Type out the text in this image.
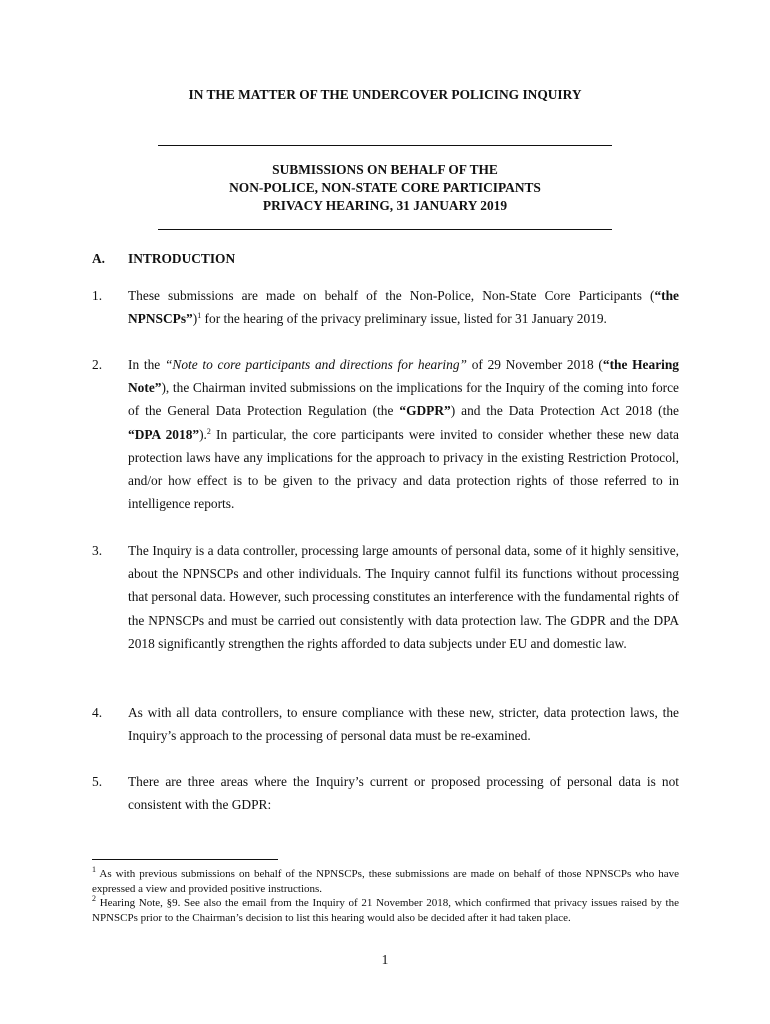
IN THE MATTER OF THE UNDERCOVER POLICING INQUIRY
SUBMISSIONS ON BEHALF OF THE
NON-POLICE, NON-STATE CORE PARTICIPANTS
PRIVACY HEARING, 31 JANUARY 2019
A. INTRODUCTION
1. These submissions are made on behalf of the Non-Police, Non-State Core Participants (“the NPNSCPs”)$^1$ for the hearing of the privacy preliminary issue, listed for 31 January 2019.
2. In the “Note to core participants and directions for hearing” of 29 November 2018 (“the Hearing Note”), the Chairman invited submissions on the implications for the Inquiry of the coming into force of the General Data Protection Regulation (the “GDPR”) and the Data Protection Act 2018 (the “DPA 2018”).$^2$ In particular, the core participants were invited to consider whether these new data protection laws have any implications for the approach to privacy in the existing Restriction Protocol, and/or how effect is to be given to the privacy and data protection rights of those referred to in intelligence reports.
3. The Inquiry is a data controller, processing large amounts of personal data, some of it highly sensitive, about the NPNSCPs and other individuals. The Inquiry cannot fulfil its functions without processing that personal data. However, such processing constitutes an interference with the fundamental rights of the NPNSCPs and must be carried out consistently with data protection law. The GDPR and the DPA 2018 significantly strengthen the rights afforded to data subjects under EU and domestic law.
4. As with all data controllers, to ensure compliance with these new, stricter, data protection laws, the Inquiry’s approach to the processing of personal data must be re-examined.
5. There are three areas where the Inquiry’s current or proposed processing of personal data is not consistent with the GDPR:
$^1$ As with previous submissions on behalf of the NPNSCPs, these submissions are made on behalf of those NPNSCPs who have expressed a view and provided positive instructions.
$^2$ Hearing Note, §9. See also the email from the Inquiry of 21 November 2018, which confirmed that privacy issues raised by the NPNSCPs prior to the Chairman’s decision to list this hearing would also be decided after it had taken place.
1
